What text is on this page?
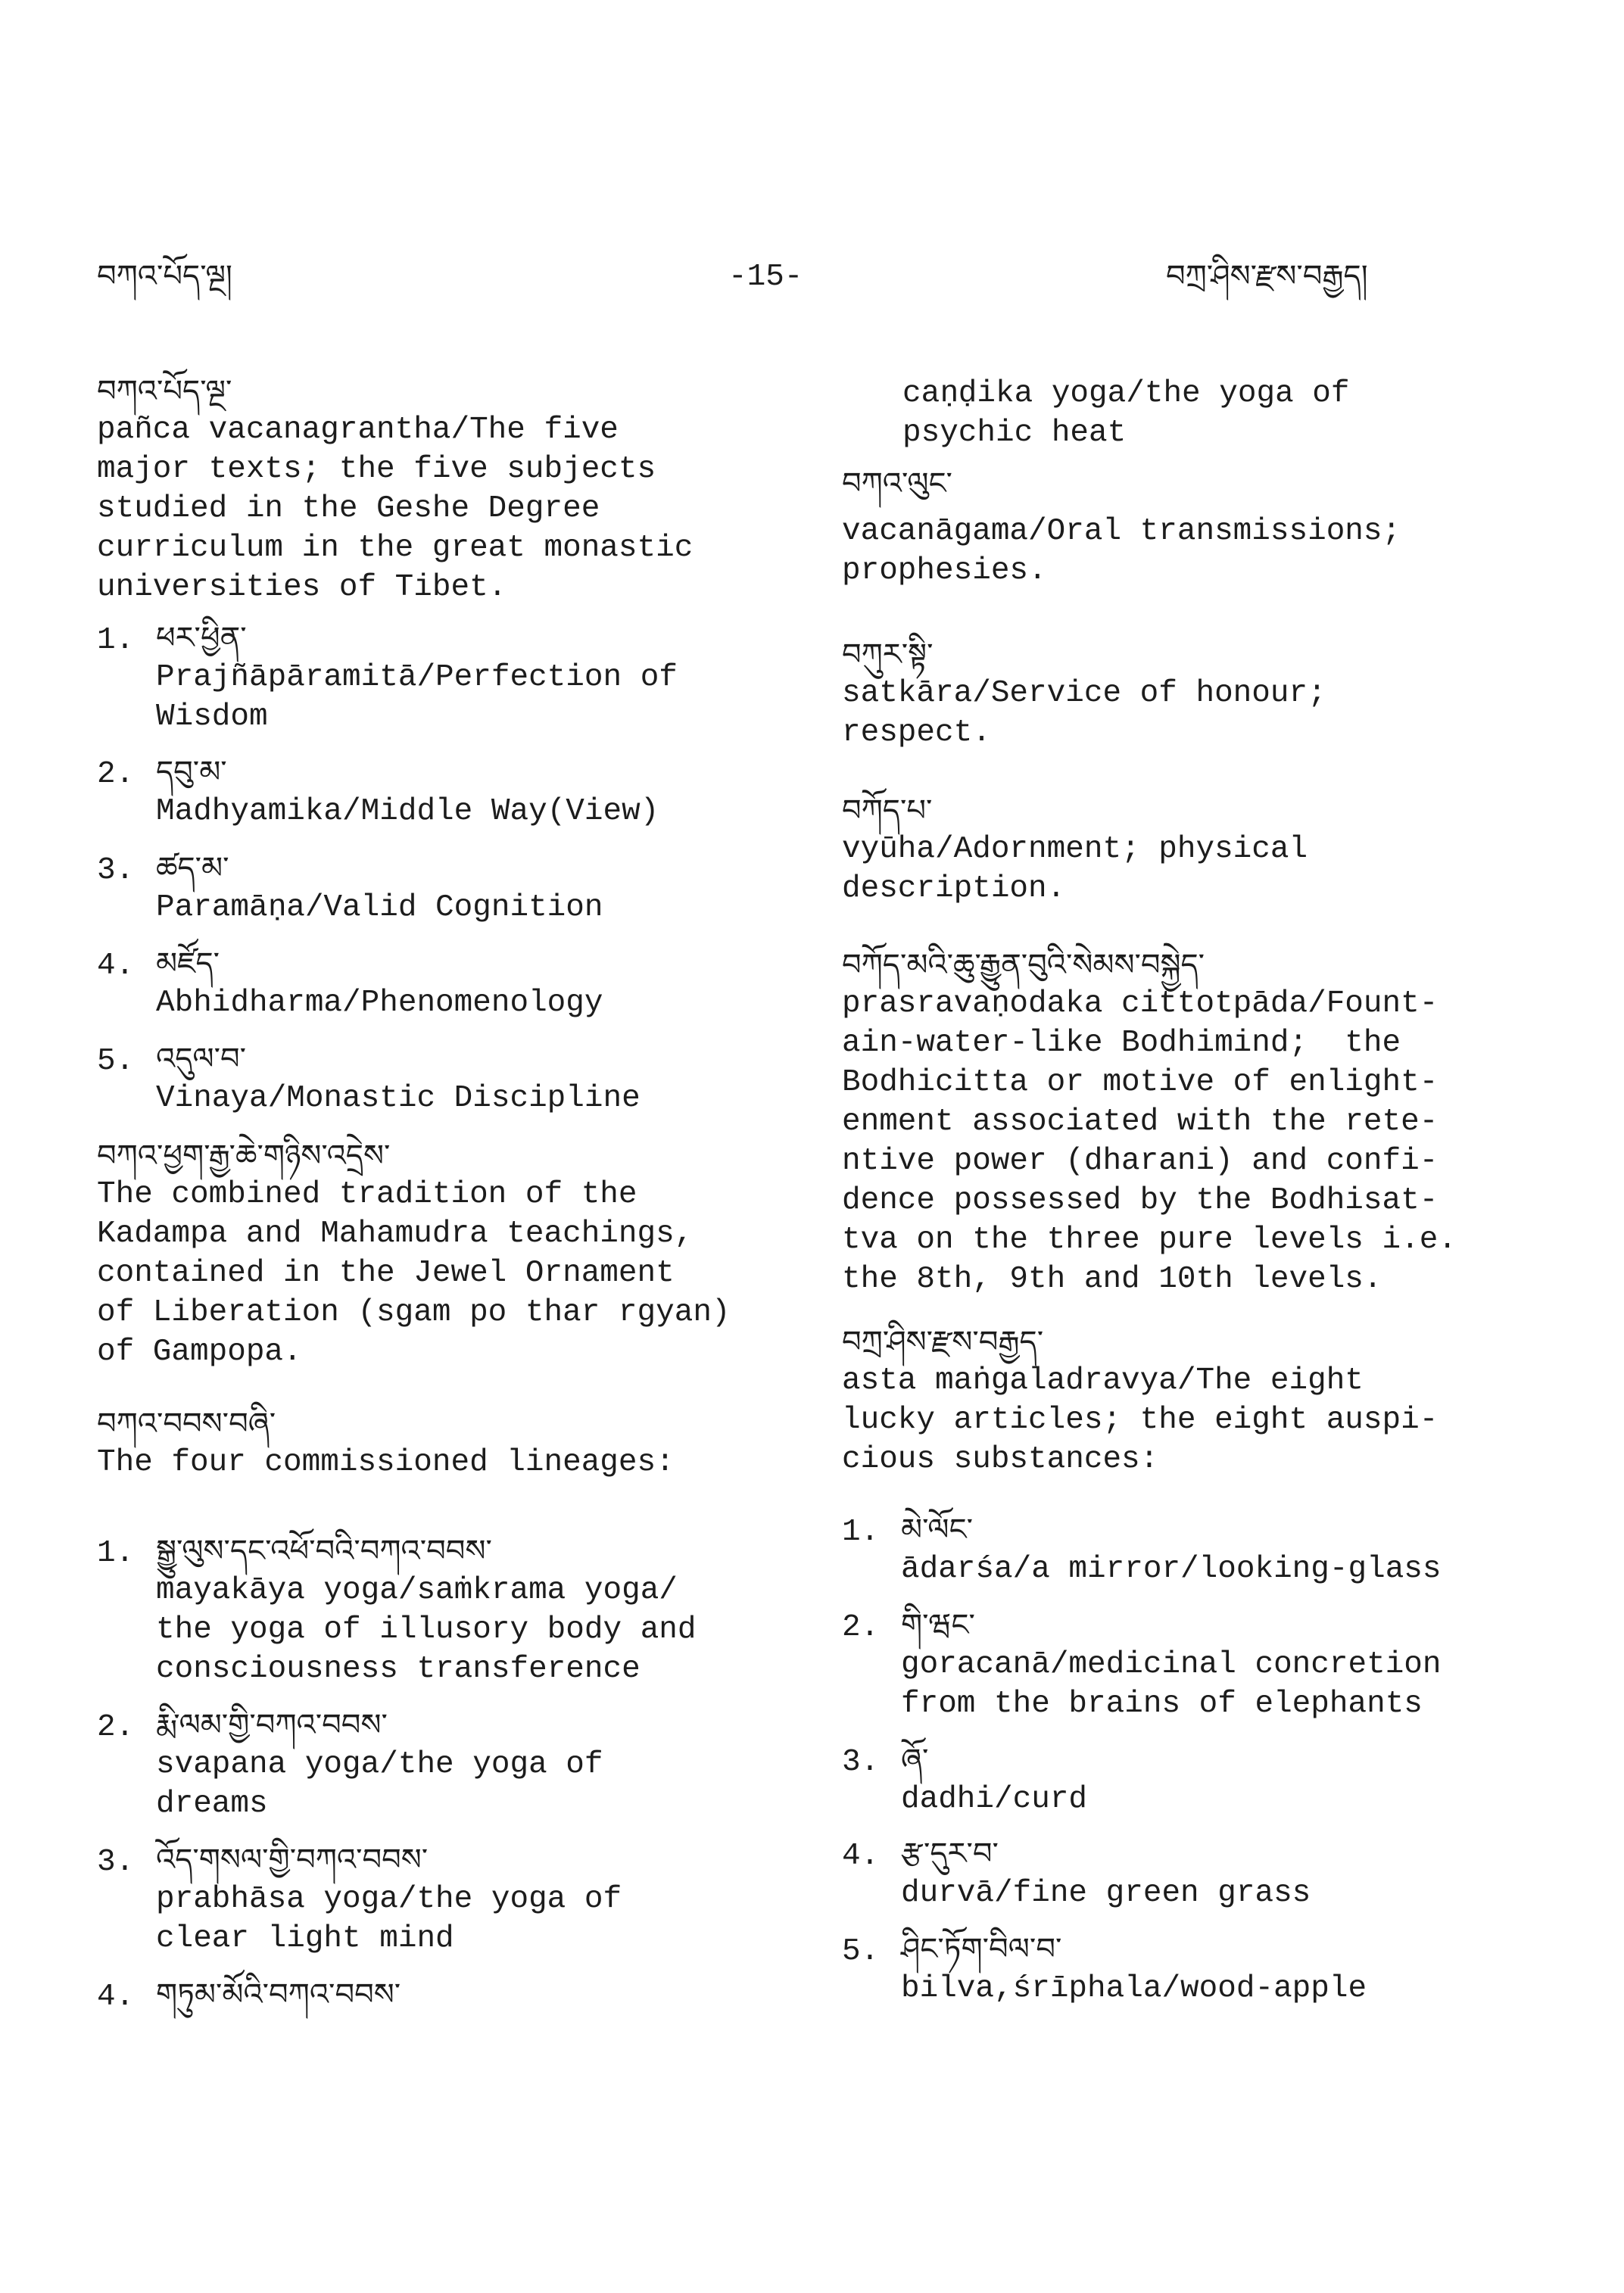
བཀའ་པོད་ལྔ།	-15-	བཀྲ་ཤིས་རྫས་བརྒྱད།
བཀའ་པོད་ལྔ་
pañca vacanagrantha/The five
major texts; the five subjects
studied in the Geshe Degree
curriculum in the great monastic
universities of Tibet.
1. ཕར་ཕྱིན་
Prajñāpāramitā/Perfection of
Wisdom
2. དབུ་མ་
Madhyamika/Middle Way(View)
3. ཚད་མ་
Paramāṇa/Valid Cognition
4. མཛོད་
Abhidharma/Phenomenology
5. འདུལ་བ་
Vinaya/Monastic Discipline
བཀའ་ཕྱག་རྒྱ་ཆེ་གཉིས་འདྲེས་
The combined tradition of the
Kadampa and Mahamudra teachings,
contained in the Jewel Ornament
of Liberation (sgam po thar rgyan)
of Gampopa.
བཀའ་བབས་བཞི་
The four commissioned lineages:
1. སྒྱུ་ལུས་དང་འཕོ་བའི་བཀའ་བབས་
mayakāya yoga/saṁkrama yoga/
the yoga of illusory body and
consciousness transference
2. རྨི་ལམ་གྱི་བཀའ་བབས་
svapana yoga/the yoga of
dreams
3. འོད་གསལ་གྱི་བཀའ་བབས་
prabhāsa yoga/the yoga of
clear light mind
4. གཏུམ་མོའི་བཀའ་བབས་
caṇḍika yoga/the yoga of
psychic heat
བཀའ་ལུང་
vacanāgama/Oral transmissions;
prophesies.
བཀུར་སྟི་
satkāra/Service of honour;
respect.
བཀོད་པ་
vyūha/Adornment; physical
description.
བཀོད་མའི་ཆུ་རྒྱུན་བུའི་སེམས་བསྐྱེད་
prasravaṇodaka cittotpāda/Fount-
ain-water-like Bodhimind;  the
Bodhicitta or motive of enlight-
enment associated with the rete-
ntive power (dharani) and confi-
dence possessed by the Bodhisat-
tva on the three pure levels i.e.
the 8th, 9th and 10th levels.
བཀྲ་ཤིས་རྫས་བརྒྱད་
asta maṅgaladravya/The eight
lucky articles; the eight auspi-
cious substances:
1. མེ་ལོང་
ādarśa/a mirror/looking-glass
2. གི་ཝང་
goracanā/medicinal concretion
from the brains of elephants
3. ཞོ་
dadhi/curd
4. རྩ་དུར་བ་
durvā/fine green grass
5. ཤིང་ཏོག་བིལ་བ་
bilva,śrīphala/wood-apple
